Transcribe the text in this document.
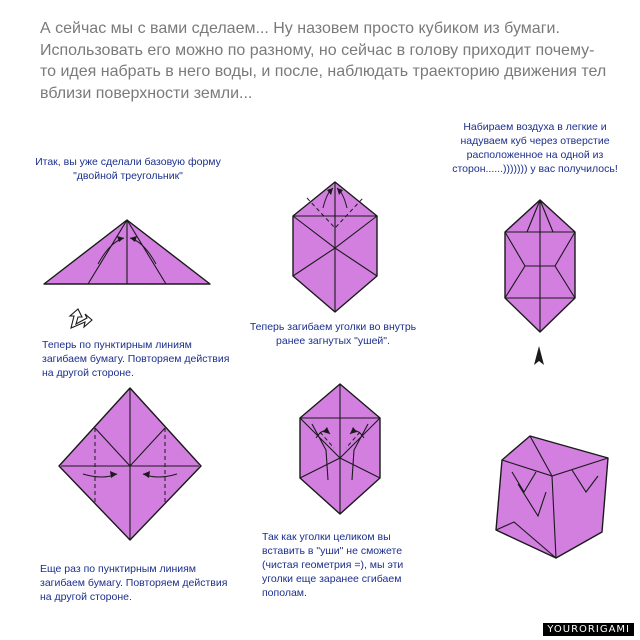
А сейчас мы с вами сделаем... Ну назовем просто кубиком из бумаги. Использовать его можно по разному, но сейчас в голову приходит почему-то идея набрать в него воды, и после, наблюдать траекторию движения тел вблизи поверхности земли...
Итак, вы уже сделали базовую форму "двойной треугольник"
Теперь по пунктирным линиям загибаем бумагу. Повторяем действия на другой стороне.
Еще раз по пунктирным линиям загибаем бумагу. Повторяем действия на другой стороне.
Теперь загибаем уголки во внутрь ранее загнутых "ушей".
Так как уголки целиком вы вставить в "уши" не сможете (чистая геометрия =), мы эти уголки еще заранее сгибаем пополам.
Набираем воздуха в легкие и надуваем куб через отверстие расположенное на одной из сторон......))))))) у вас получилось!
YOURORIGAMI
